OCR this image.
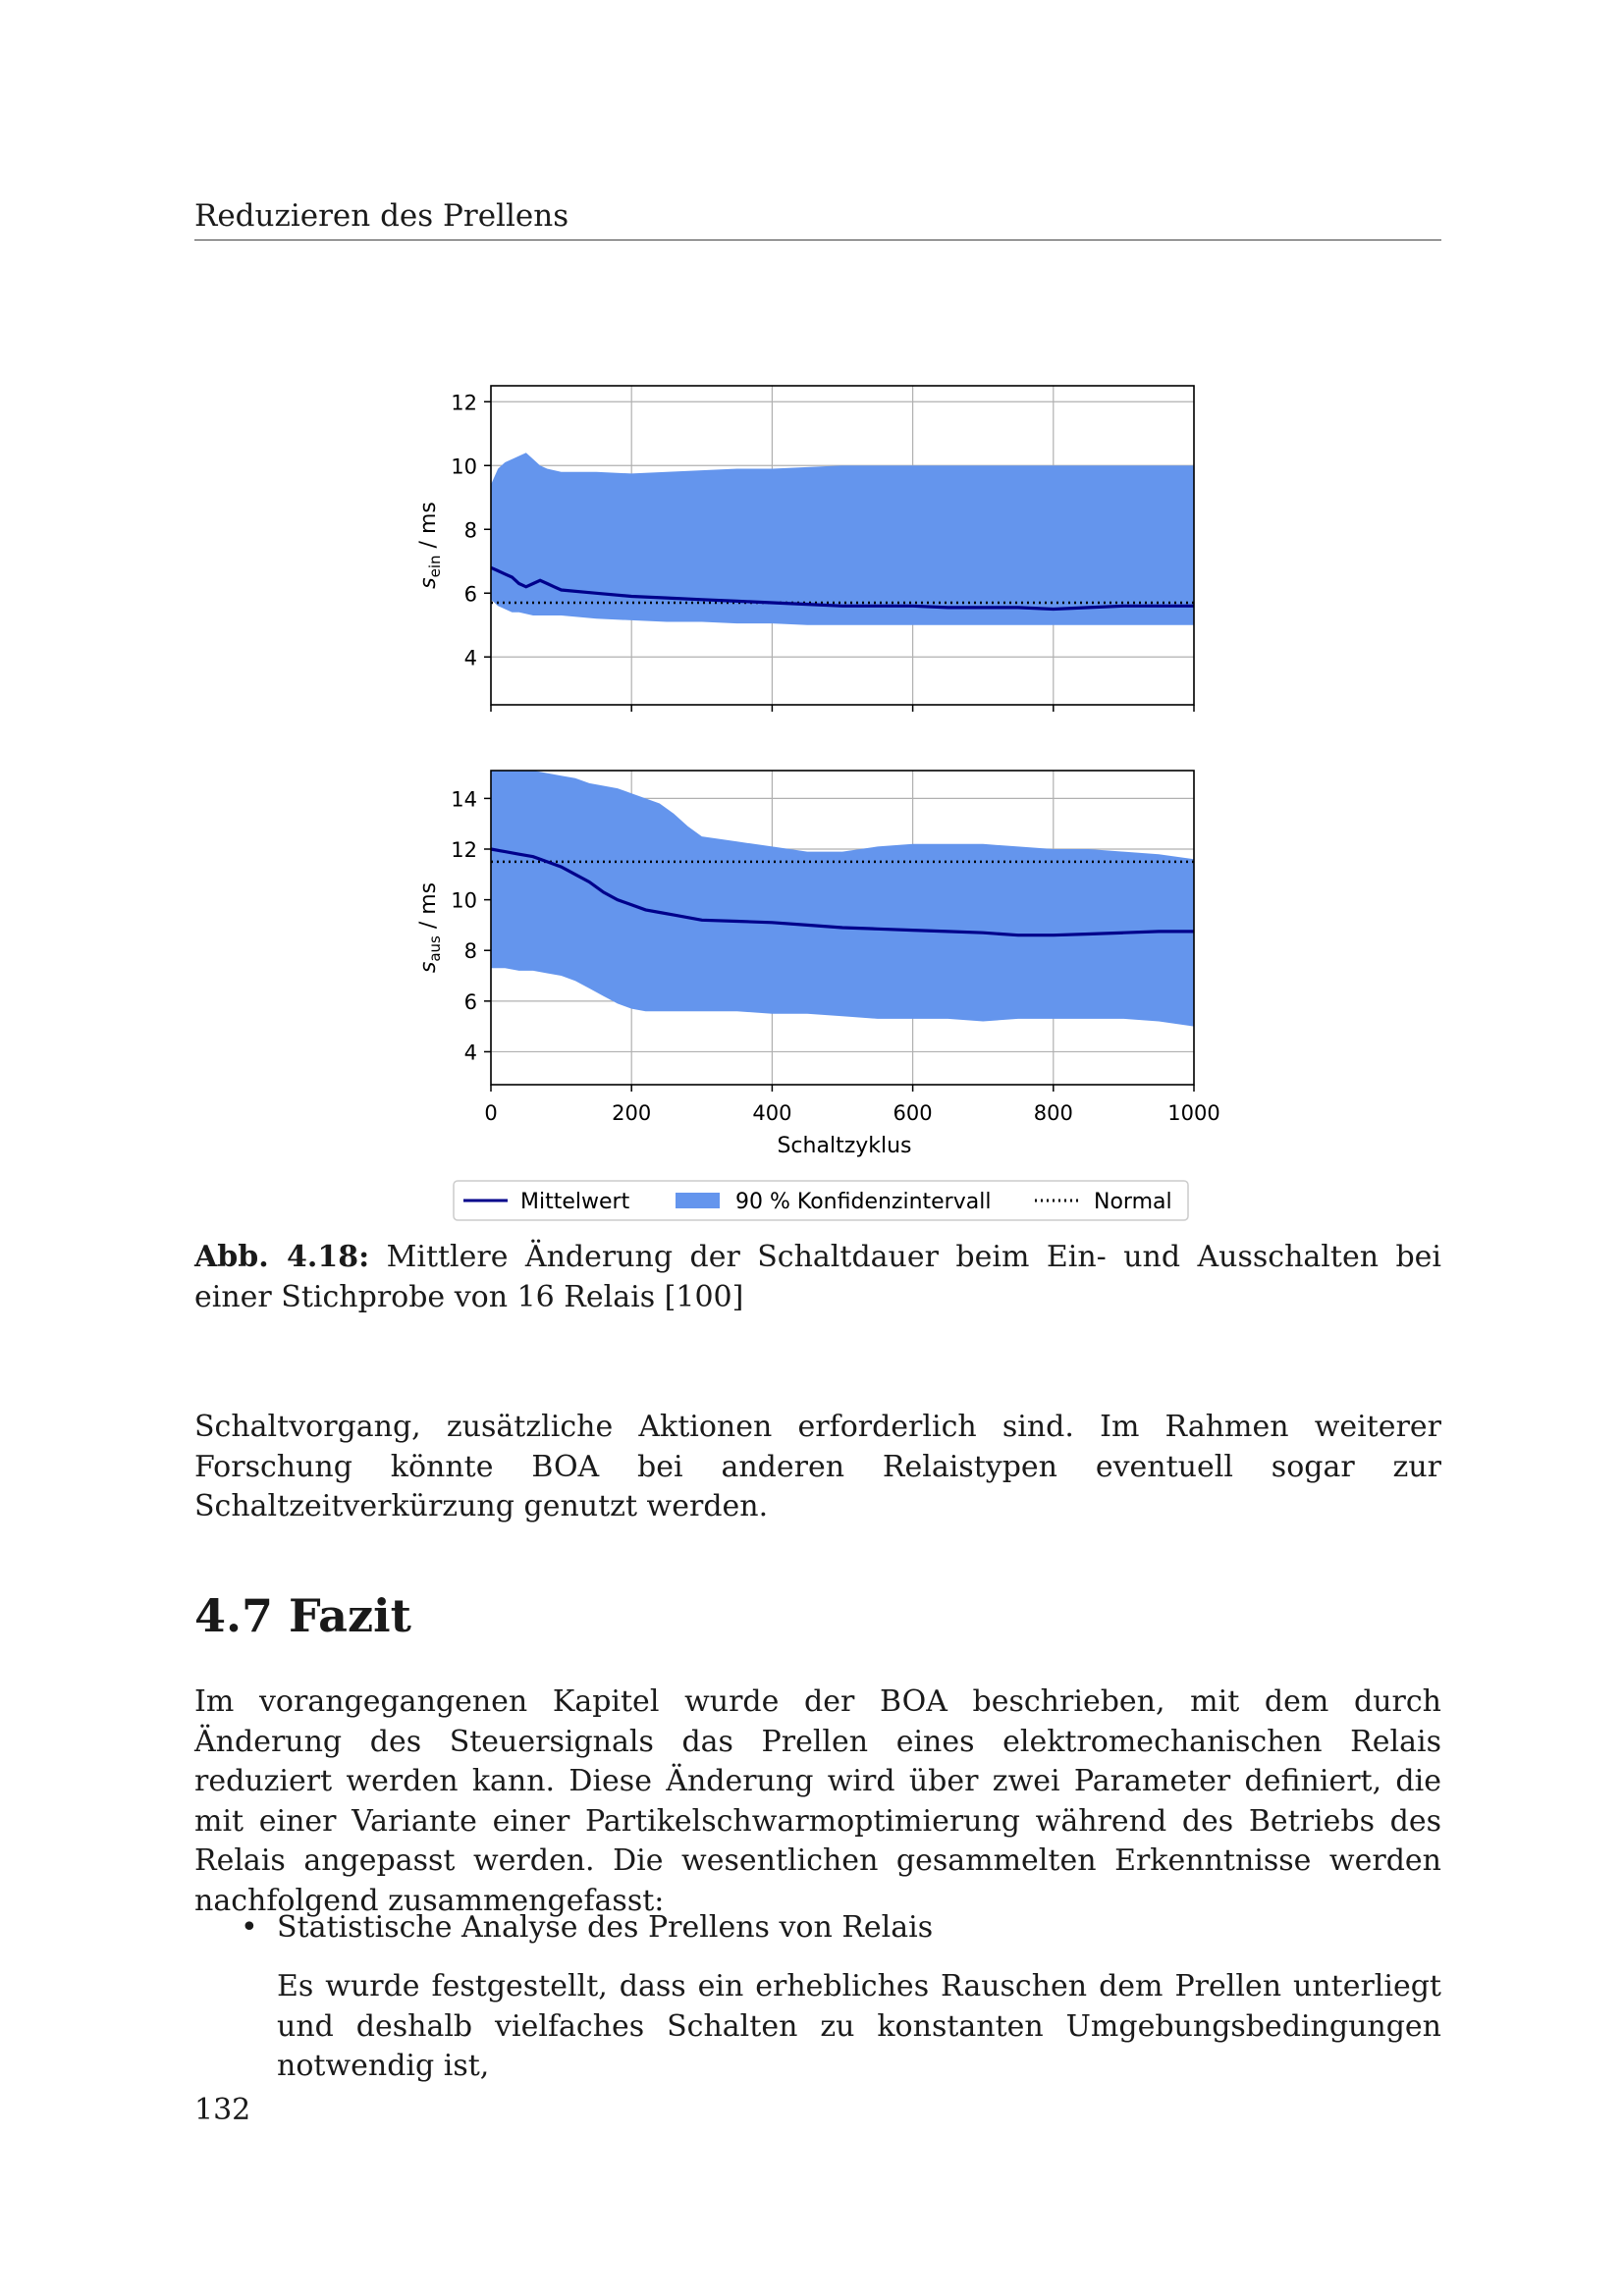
Reduzieren des Prellens
4
6
8
10
12
$s_{ein}$ / ms
4
6
8
10
12
14
$s_{aus}$ / ms
0	200	400	600	800	1000
Schaltzyklus
Mittelwert	90 % Konfidenzintervall	Normal
Abb. 4.18: Mittlere Änderung der Schaltdauer beim Ein- und Ausschalten bei einer Stichprobe von 16 Relais [100]

Schaltvorgang, zusätzliche Aktionen erforderlich sind. Im Rahmen weiterer Forschung könnte BOA bei anderen Relaistypen eventuell sogar zur Schaltzeitverkürzung genutzt werden.

4.7 Fazit

Im vorangegangenen Kapitel wurde der BOA beschrieben, mit dem durch Änderung des Steuersignals das Prellen eines elektromechanischen Relais reduziert werden kann. Diese Änderung wird über zwei Parameter definiert, die mit einer Variante einer Partikelschwarmoptimierung während des Betriebs des Relais angepasst werden. Die wesentlichen gesammelten Erkenntnisse werden nachfolgend zusammengefasst:

• Statistische Analyse des Prellens von Relais

Es wurde festgestellt, dass ein erhebliches Rauschen dem Prellen unterliegt und deshalb vielfaches Schalten zu konstanten Umgebungsbedingungen notwendig ist,

132
